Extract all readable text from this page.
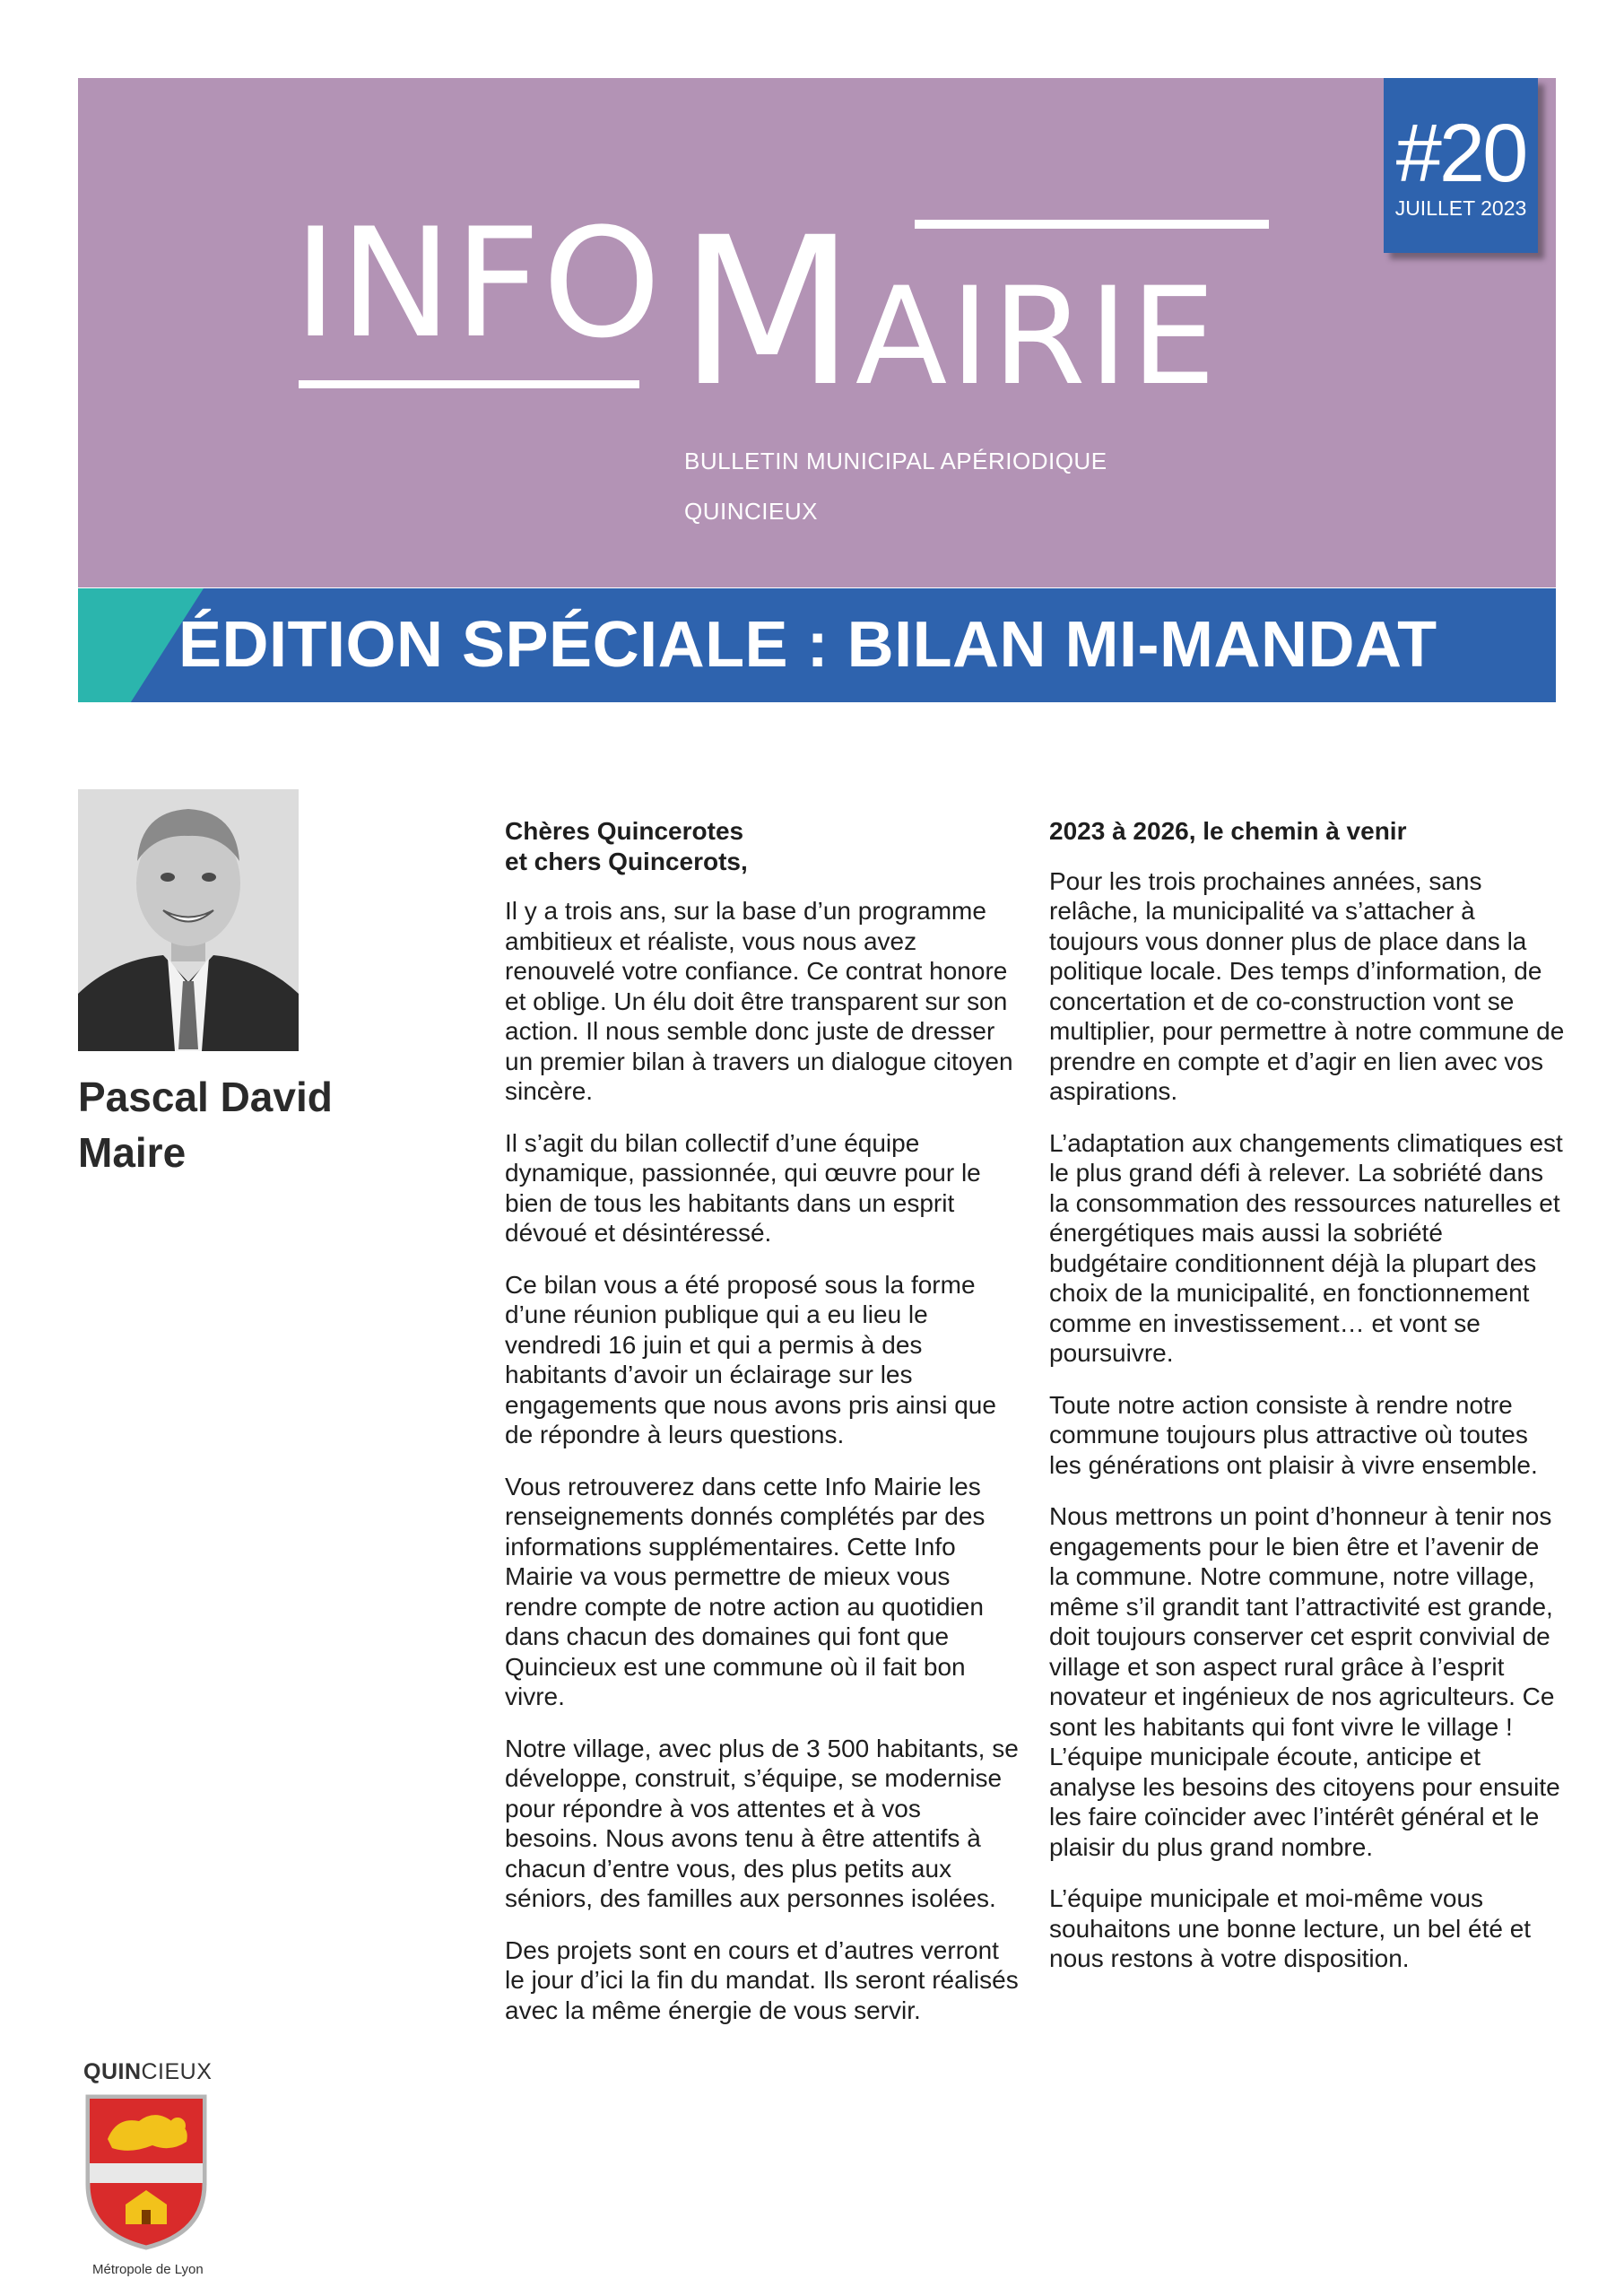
#20
JUILLET 2023
INFO MAIRIE
BULLETIN MUNICIPAL APÉRIODIQUE
QUINCIEUX
ÉDITION SPÉCIALE : BILAN MI-MANDAT
Pascal David
Maire

Chères Quincerotes
et chers Quincerots,

Il y a trois ans, sur la base d’un programme ambitieux et réaliste, vous nous avez renouvelé votre confiance. Ce contrat honore et oblige. Un élu doit être transparent sur son action. Il nous semble donc juste de dresser un premier bilan à travers un dialogue citoyen sincère.

Il s’agit du bilan collectif d’une équipe dynamique, passionnée, qui œuvre pour le bien de tous les habitants dans un esprit dévoué et désintéressé.

Ce bilan vous a été proposé sous la forme d’une réunion publique qui a eu lieu le vendredi 16 juin et qui a permis à des habitants d’avoir un éclairage sur les engagements que nous avons pris ainsi que de répondre à leurs questions.

Vous retrouverez dans cette Info Mairie les renseignements donnés complétés par des informations supplémentaires. Cette Info Mairie va vous permettre de mieux vous rendre compte de notre action au quotidien dans chacun des domaines qui font que Quincieux est une commune où il fait bon vivre.

Notre village, avec plus de 3 500 habitants, se développe, construit, s’équipe, se modernise pour répondre à vos attentes et à vos besoins. Nous avons tenu à être attentifs à chacun d’entre vous, des plus petits aux séniors, des familles aux personnes isolées.

Des projets sont en cours et d’autres verront le jour d’ici la fin du mandat. Ils seront réalisés avec la même énergie de vous servir.

2023 à 2026, le chemin à venir

Pour les trois prochaines années, sans relâche, la municipalité va s’attacher à toujours vous donner plus de place dans la politique locale. Des temps d’information, de concertation et de co-construction vont se multiplier, pour permettre à notre commune de prendre en compte et d’agir en lien avec vos aspirations.

L’adaptation aux changements climatiques est le plus grand défi à relever. La sobriété dans la consommation des ressources naturelles et énergétiques mais aussi la sobriété budgétaire conditionnent déjà la plupart des choix de la municipalité, en fonctionnement comme en investissement… et vont se poursuivre.

Toute notre action consiste à rendre notre commune toujours plus attractive où toutes les générations ont plaisir à vivre ensemble.

Nous mettrons un point d’honneur à tenir nos engagements pour le bien être et l’avenir de la commune. Notre commune, notre village, même s’il grandit tant l’attractivité est grande, doit toujours conserver cet esprit convivial de village et son aspect rural grâce à l’esprit novateur et ingénieux de nos agriculteurs. Ce sont les habitants qui font vivre le village ! L’équipe municipale écoute, anticipe et analyse les besoins des citoyens pour ensuite les faire coïncider avec l’intérêt général et le plaisir du plus grand nombre.

L’équipe municipale et moi-même vous souhaitons une bonne lecture, un bel été et nous restons à votre disposition.

QUINCIEUX
Métropole de Lyon
